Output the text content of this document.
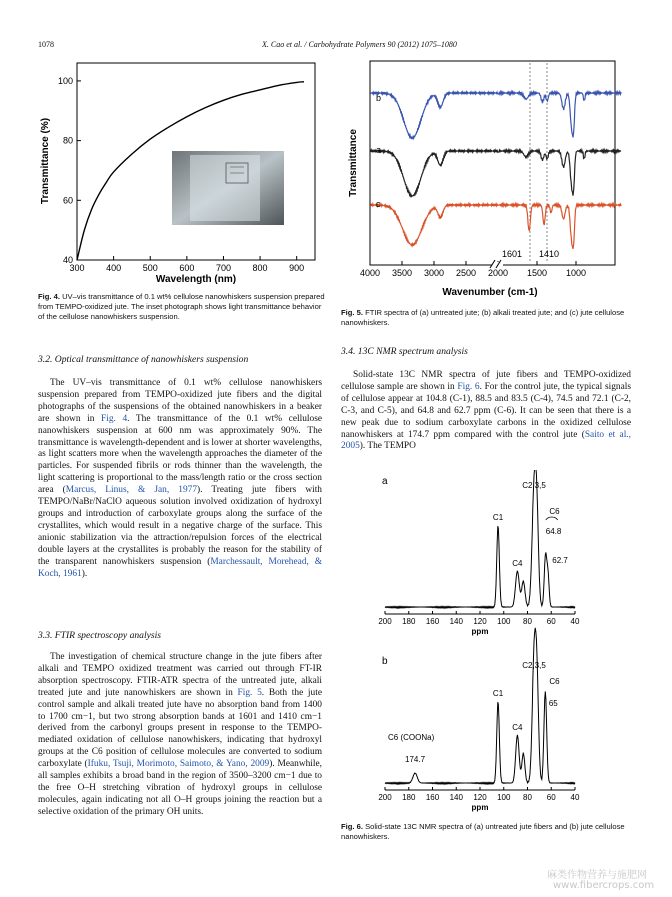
1078	X. Cao et al. / Carbohydrate Polymers 90 (2012) 1075–1080
300 400 500 600 700 800 900
40
60
80
100
Wavelength (nm)
Transmittance (%)
Fig. 4. UV–vis transmittance of 0.1 wt% cellulose nanowhiskers suspension prepared from TEMPO-oxidized jute. The inset photograph shows light transmittance behavior of the cellulose nanowhiskers suspension.
b
a
c
4000 3500 3000 2500 2000 1500 1000
1601 1410
Wavenumber (cm-1)
Transmittance
Fig. 5. FTIR spectra of (a) untreated jute; (b) alkali treated jute; and (c) jute cellulose nanowhiskers.
3.2. Optical transmittance of nanowhiskers suspension
The UV–vis transmittance of 0.1 wt% cellulose nanowhiskers suspension prepared from TEMPO-oxidized jute fibers and the digital photographs of the suspensions of the obtained nanowhiskers in a beaker are shown in Fig. 4. The transmittance of the 0.1 wt% cellulose nanowhiskers suspension at 600 nm was approximately 90%. The transmittance is wavelength-dependent and is lower at shorter wavelengths, as light scatters more when the wavelength approaches the diameter of the particles. For suspended fibrils or rods thinner than the wavelength, the light scattering is proportional to the mass/length ratio or the cross section area (Marcus, Linus, & Jan, 1977). Treating jute fibers with TEMPO/NaBr/NaClO aqueous solution involved oxidization of hydroxyl groups and introduction of carboxylate groups along the surface of the crystallites, which would result in a negative charge of the surface. This anionic stabilization via the attraction/repulsion forces of the electrical double layers at the crystallites is probably the reason for the stability of the transparent nanowhiskers suspension (Marchessault, Morehead, & Koch, 1961).
3.3. FTIR spectroscopy analysis
The investigation of chemical structure change in the jute fibers after alkali and TEMPO oxidized treatment was carried out through FT-IR absorption spectroscopy. FTIR-ATR spectra of the untreated jute, alkali treated jute and jute nanowhiskers are shown in Fig. 5. Both the jute control sample and alkali treated jute have no absorption band from 1400 to 1700 cm−1, but two strong absorption bands at 1601 and 1410 cm−1 derived from the carbonyl groups present in response to the TEMPO-mediated oxidation of cellulose nanowhiskers, indicating that hydroxyl groups at the C6 position of cellulose molecules are converted to sodium carboxylate (Ifuku, Tsuji, Morimoto, Saimoto, & Yano, 2009). Meanwhile, all samples exhibits a broad band in the region of 3500–3200 cm−1 due to the free O–H stretching vibration of hydroxyl groups in cellulose molecules, again indicating not all O–H groups joining the reaction but a selective oxidation of the primary OH units.
3.4. 13C NMR spectrum analysis
Solid-state 13C NMR spectra of jute fibers and TEMPO-oxidized cellulose sample are shown in Fig. 6. For the control jute, the typical signals of cellulose appear at 104.8 (C-1), 88.5 and 83.5 (C-4), 74.5 and 72.1 (C-2, C-3, and C-5), and 64.8 and 62.7 ppm (C-6). It can be seen that there is a new peak due to sodium carboxylate carbons in the oxidized cellulose nanowhiskers at 174.7 ppm compared with the control jute (Saito et al., 2005). The TEMPO
a
200 180 160 140 120 100 80 60 40
ppm
C1
C4
C2,3,5
64.8
62.7
C6
b
200 180 160 140 120 100 80 60 40
ppm
174.7
C1
C4
C2,3,5
65
C6
C6 (COONa)
Fig. 6. Solid-state 13C NMR spectra of (a) untreated jute fibers and (b) jute cellulose nanowhiskers.
麻类作物营养与施肥网
www.fibercrops.com
